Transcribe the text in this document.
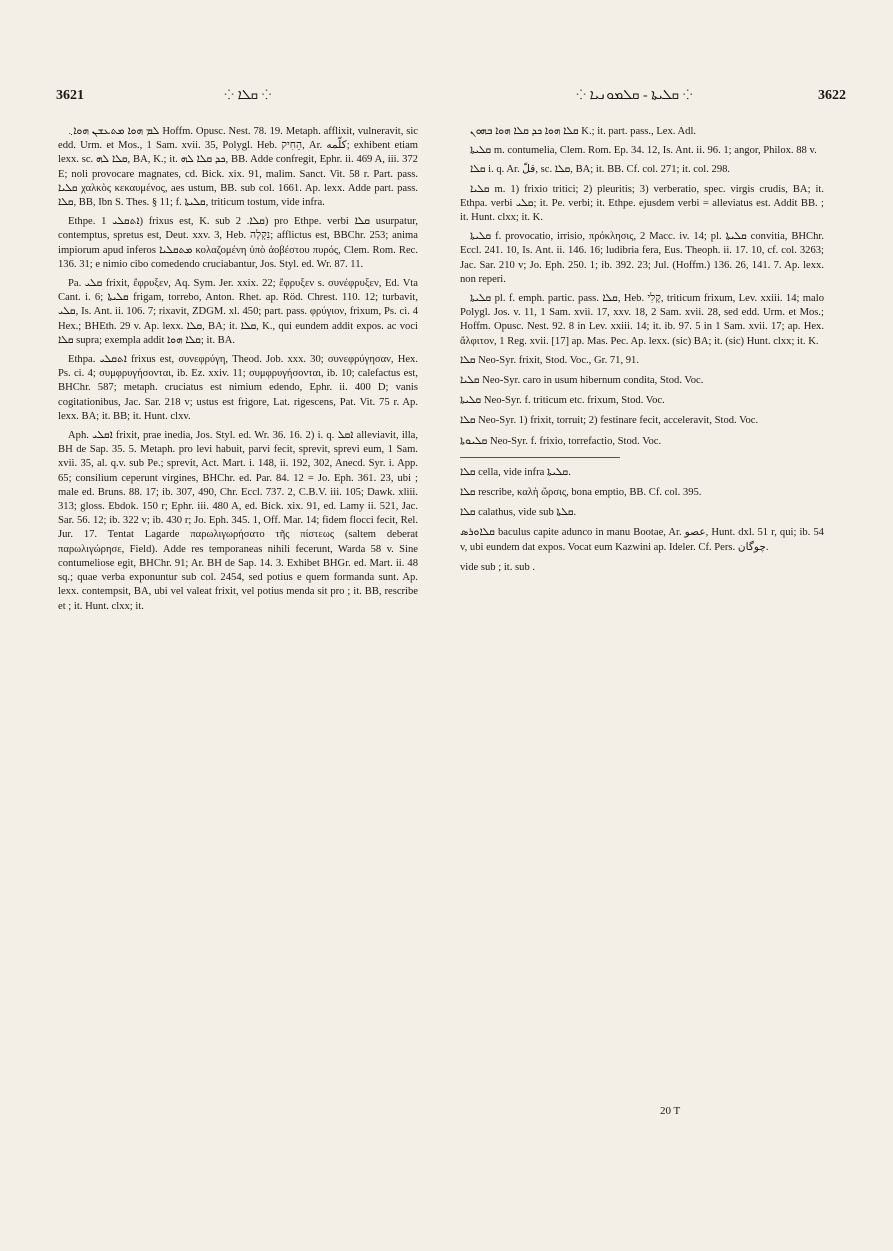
3621	⁘ ܩܠܐ ⁘	⁘ ܩܠܝܬܐ - ܩܠܡܘܢܝܐ ⁘	3622

ܠܡ ܗܘܐ ܡܬܥܫܢ ܗܘܐ܆ Hoffm. Opusc. Nest. 78. 19. Metaph. afflixit, vulneravit, sic edd. Urm. et Mos., 1 Sam. xvii. 35, Polygl. Heb. הֵחִיק, Ar. كلّمه; exhibent etiam lexx. sc. ܩܠܐ ܠܗ, BA, K.; it. ܟܕ ܩܠܐ ܠܗ, BB. Adde confregit, Ephr. ii. 469 A, iii. 372 E; noli provocare magnates, cd. Bick. xix. 91, malim. Sanct. Vit. 58 r. Part. pass. ܩܠܝܐ χαλκὸς κεκαυμένος, aes ustum, BB. sub col. 1661. Ap. lexx. Adde part. pass. ܩܠܐ, BB, Ibn S. Thes. § 11; f. ܩܠܝܬܐ, triticum tostum, vide infra.

Ethpe. ܐܬܩܠܝ 1) frixus est, K. sub ܩܠܐ. 2) pro Ethpe. verbi ܩܠܐ usurpatur, contemptus, spretus est, Deut. xxv. 3, Heb. נִקְלָה; afflictus est, BBChr. 253; anima impiorum apud inferos ܡܬܩܠܝܐ κολαζομένη ὑπὸ ἀοβέστου πυρός, Clem. Rom. Rec. 136. 31; e nimio cibo comedendo cruciabantur, Jos. Styl. ed. Wr. 87. 11.

Pa. ܩܠܝ frixit, ἔφρυξεν, Aq. Sym. Jer. xxix. 22; ἔφρυξεν s. συνέφρυξεν, Ed. Vta Cant. i. 6; ܩܠܝܬܐ frigam, torrebo, Anton. Rhet. ap. Röd. Chrest. 110. 12; turbavit, ܩܠܝ, Is. Ant. ii. 106. 7; rixavit, ZDGM. xl. 450; part. pass. φρύγιον, frixum, Ps. ci. 4 Hex.; BHEth. 29 v. Ap. lexx. ܩܠܐ, BA; it. ܩܠܐ, K., qui eundem addit expos. ac voci ܩܠܐ supra; exempla addit ܩܠܐ ܗܘܐ; it. BA.

Ethpa. ܐܬܩܠܝ frixus est, συνεφρύγη, Theod. Job. xxx. 30; συνεφρύγησαν, Hex. Ps. ci. 4; συμφρυγήσονται, ib. Ez. xxiv. 11; συμφρυγήσονται, ib. 10; calefactus est, BHChr. 587; metaph. cruciatus est nimium edendo, Ephr. ii. 400 D; vanis cogitationibus, Jac. Sar. 218 v; ustus est frigore, Lat. rigescens, Pat. Vit. 75 r. Ap. lexx. BA; it. BB; it. Hunt. clxv.

Aph. ܐܩܠܝ frixit, prae inedia, Jos. Styl. ed. Wr. 36. 16. 2) i. q. ܐܩܠ alleviavit, illa, BH de Sap. 35. 5. Metaph. pro levi habuit, parvi fecit, sprevit, sprevi eum, 1 Sam. xvii. 35, al. q.v. sub Pe.; sprevit, Act. Mart. i. 148, ii. 192, 302, Anecd. Syr. i. App. 65; consilium ceperunt virgines, BHChr. ed. Par. 84. 12 = Jo. Eph. 361. 23, ubi ; male ed. Bruns. 88. 17; ib. 307, 490, Chr. Eccl. 737. 2, C.B.V. iii. 105; Dawk. xliii. 313; gloss. Ebdok. 150 r; Ephr. iii. 480 A, ed. Bick. xix. 91, ed. Lamy ii. 521, Jac. Sar. 56. 12; ib. 322 v; ib. 430 r; Jo. Eph. 345. 1, Off. Mar. 14; fidem flocci fecit, Rel. Jur. 17. Tentat Lagarde παρωλιγωρήσατο τῆς πίστεως (saltem deberat παρωλιγώρησε, Field). Adde res temporaneas nihili fecerunt, Warda 58 v. Sine contumeliose egit, BHChr. 91; Ar. BH de Sap. 14. 3. Exhibet BHGr. ed. Mart. ii. 48 sq.; quae verba exponuntur sub col. 2454, sed potius e quem formanda sunt. Ap. lexx. contempsit, BA, ubi vel valeat frixit, vel potius menda sit pro ; it. BB, rescribe et ; it. Hunt. clxx; it.

ܩܠܐ ܗܘܐ ܟܕ ܩܠܐ ܗܘܐ ܒܗܘܢ K.; it. part. pass., Lex. Adl.

ܩܠܝܬܐ m. contumelia, Clem. Rom. Ep. 34. 12, Is. Ant. ii. 96. 1; angor, Philox. 88 v.

ܩܠܐ i. q. Ar. قلّ, sc. ܩܠܐ, BA; it. BB. Cf. col. 271; it. col. 298.

ܩܠܝܐ m. 1) frixio tritici; 2) pleuritis; 3) verberatio, spec. virgis crudis, BA; it. Ethpa. verbi ܩܠܝ; it. Pe. verbi; it. Ethpe. ejusdem verbi = alleviatus est. Addit BB. ; it. Hunt. clxx; it. K.

ܩܠܝܬܐ f. provocatio, irrisio, πρόκλησις, 2 Macc. iv. 14; pl. ܩܠܝܬܐ convitia, BHChr. Eccl. 241. 10, Is. Ant. ii. 146. 16; ludibria fera, Eus. Theoph. ii. 17. 10, cf. col. 3263; Jac. Sar. 210 v; Jo. Eph. 250. 1; ib. 392. 23; Jul. (Hoffm.) 136. 26, 141. 7. Ap. lexx. non reperi.

ܩܠܝܬܐ pl. f. emph. partic. pass. ܩܠܐ, Heb. קָלִי, triticum frixum, Lev. xxiii. 14; malo Polygl. Jos. v. 11, 1 Sam. xvii. 17, xxv. 18, 2 Sam. xvii. 28, sed edd. Urm. et Mos.; Hoffm. Opusc. Nest. 92. 8 in Lev. xxiii. 14; it. ib. 97. 5 in 1 Sam. xvii. 17; ap. Hex. ἄλφιτον, 1 Reg. xvii. [17] ap. Mas. Pec. Ap. lexx. (sic) BA; it. (sic) Hunt. clxx; it. K.

ܩܠܐ Neo-Syr. frixit, Stod. Voc., Gr. 71, 91.

ܩܠܝܐ Neo-Syr. caro in usum hibernum condita, Stod. Voc.

ܩܠܝܬܐ Neo-Syr. f. triticum etc. frixum, Stod. Voc.

ܩܠܐ Neo-Syr. 1) frixit, torruit; 2) festinare fecit, acceleravit, Stod. Voc.

ܩܠܝܘܬܐ Neo-Syr. f. frixio, torrefactio, Stod. Voc.

ܩܠܐ cella, vide infra ܩܠܝܬܐ.

ܩܠܐ rescribe, καλὴ ὤρσις, bona emptio, BB. Cf. col. 395.

ܩܠܐ calathus, vide sub ܩܠܬܐ.

ܩܠܐܘܪܣ baculus capite adunco in manu Bootae, Ar. عصو, Hunt. dxl. 51 r, qui; ib. 54 v, ubi eundem dat expos. Vocat eum Kazwini ap. Ideler. Cf. Pers. چوگان.

vide sub ; it. sub .

20 T
